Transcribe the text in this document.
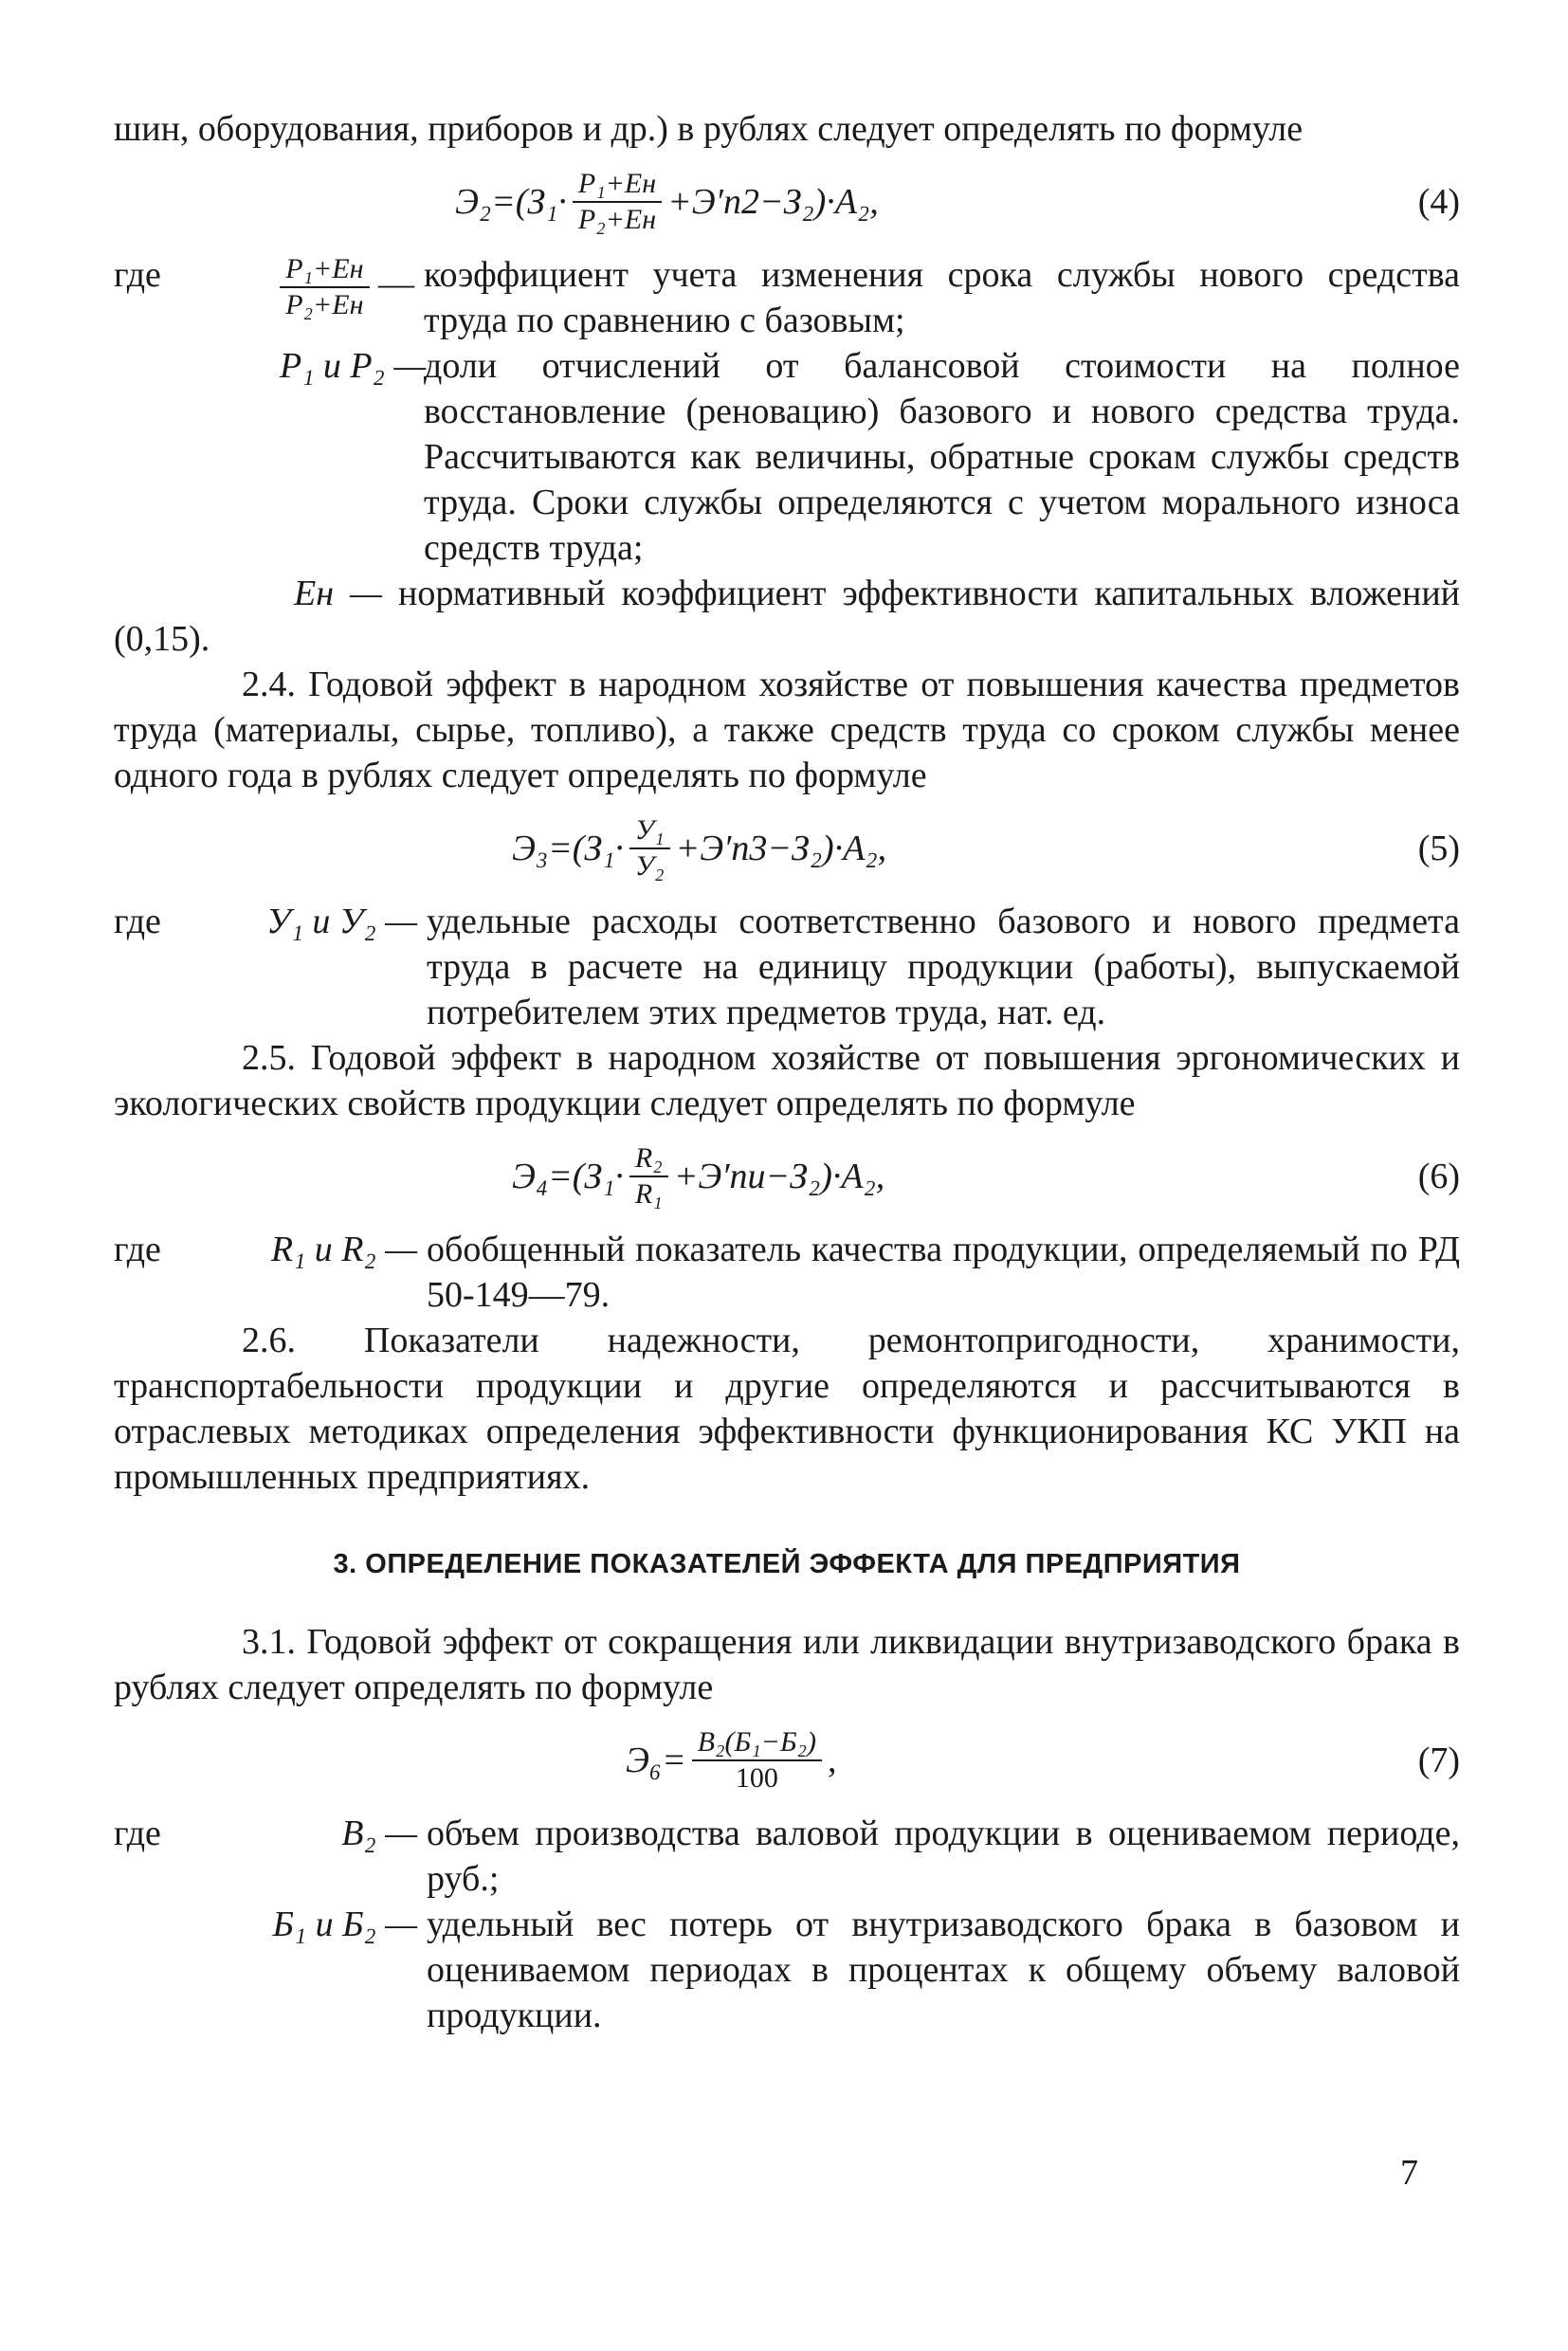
шин, оборудования, приборов и др.) в рублях следует определять по формуле

$Э_2=(З_1\cdot \frac{\text{P₁+Eн}}{\text{P₂+Eн}} +Э'п2-З_2)\cdot A_2$,	(4)
где	$\frac{\text{P₁+Eн}}{\text{P₂+Eн}}$ — коэффициент учета изменения срока службы нового средства труда по сравнению с базовым;
P₁ и P₂ —
доли отчислений от балансовой стоимости на полное восстановление (реновацию) базового и нового средства труда. Рассчитываются как величины, обратные срокам службы средств труда. Сроки службы определяются с учетом морального износа средств труда;

Eн — нормативный коэффициент эффективности капитальных вложений (0,15).

2.4. Годовой эффект в народном хозяйстве от повышения качества предметов труда (материалы, сырье, топливо), а также средств труда со сроком службы менее одного года в рублях следует определять по формуле

$Э_3=(З_1\cdot \frac{\text{У₁}}{\text{У₂}} +Э'п3-З_2)\cdot A_2$,	(5)
где	У₁ и У₂ — удельные расходы соответственно базового и нового предмета труда в расчете на единицу продукции (работы), выпускаемой потребителем этих предметов труда, нат. ед.

2.5. Годовой эффект в народном хозяйстве от повышения эргономических и экологических свойств продукции следует определять по формуле

$Э_4=(З_1\cdot \frac{\text{R₂}}{\text{R₁}} +Э'пи-З_2)\cdot A_2$,	(6)
где	R₁ и R₂ — обобщенный показатель качества продукции, определяемый по РД 50-149—79.

2.6. Показатели надежности, ремонтопригодности, хранимости, транспортабельности продукции и другие определяются и рассчитываются в отраслевых методиках определения эффективности функционирования КС УКП на промышленных предприятиях.

3. ОПРЕДЕЛЕНИЕ ПОКАЗАТЕЛЕЙ ЭФФЕКТА ДЛЯ ПРЕДПРИЯТИЯ

3.1. Годовой эффект от сокращения или ликвидации внутризаводского брака в рублях следует определять по формуле

$Э_6= \frac{\text{B₂(Б₁−Б₂)}}{100}$ ,	(7)
где	B₂ — объем производства валовой продукции в оцениваемом периоде, руб.;
Б₁ и Б₂ — удельный вес потерь от внутризаводского брака в базовом и оцениваемом периодах в процентах к общему объему валовой продукции.
7
